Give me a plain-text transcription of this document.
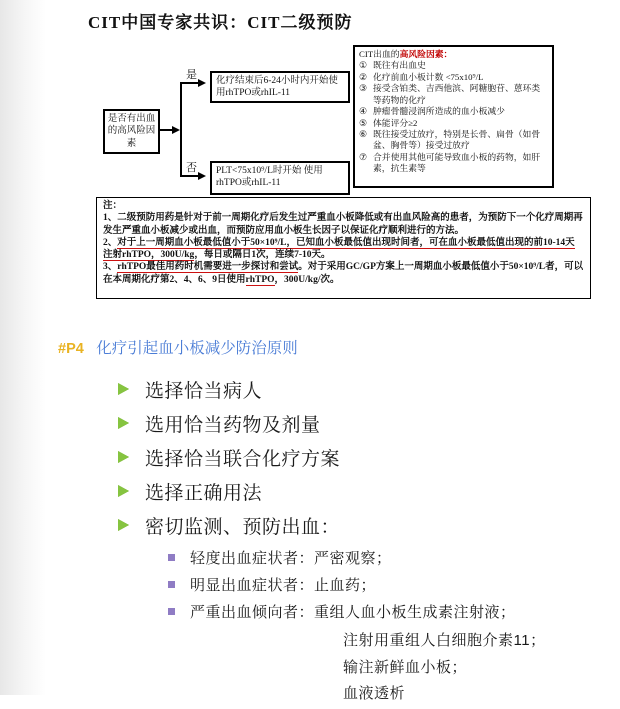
CIT中国专家共识：CIT二级预防
是否有出血的高风险因素
是
否
化疗结束后6-24小时内开始使用rhTPO或rhIL-11
PLT<75x10⁹/L时开始 使用rhTPO或rhIL-11
CIT出血的高风险因素：
① 既往有出血史
② 化疗前血小板计数 <75x10⁹/L
③ 接受含铂类、吉西他滨、阿糖胞苷、蒽环类等药物的化疗
④ 肿瘤骨髓浸润所造成的血小板减少
⑤ 体能评分≥2
⑥ 既往接受过放疗，特别是长骨、扁骨（如骨盆、胸骨等）接受过放疗
⑦ 合并使用其他可能导致血小板的药物，如肝素，抗生素等
注：
1、二级预防用药是针对于前一周期化疗后发生过严重血小板降低或有出血风险高的患者，为预防下一个化疗周期再发生严重血小板减少或出血，而预防应用血小板生长因子以保证化疗顺利进行的方法。
2、对于上一周期血小板最低值小于50×10⁹/L，已知血小板最低值出现时间者，可在血小板最低值出现的前10-14天注射rhTPO，300U/kg，每日或隔日1次，连续7-10天。
3、rhTPO最佳用药时机需要进一步探讨和尝试。对于采用GC/GP方案上一周期血小板最低值小于50×10⁹/L者，可以在本周期化疗第2、4、6、9日使用rhTPO，300U/kg/次。
#P4 化疗引起血小板减少防治原则
选择恰当病人
选用恰当药物及剂量
选择恰当联合化疗方案
选择正确用法
密切监测、预防出血：
轻度出血症状者：严密观察；
明显出血症状者：止血药；
严重出血倾向者：重组人血小板生成素注射液；
注射用重组人白细胞介素11；
输注新鲜血小板；
血液透析
